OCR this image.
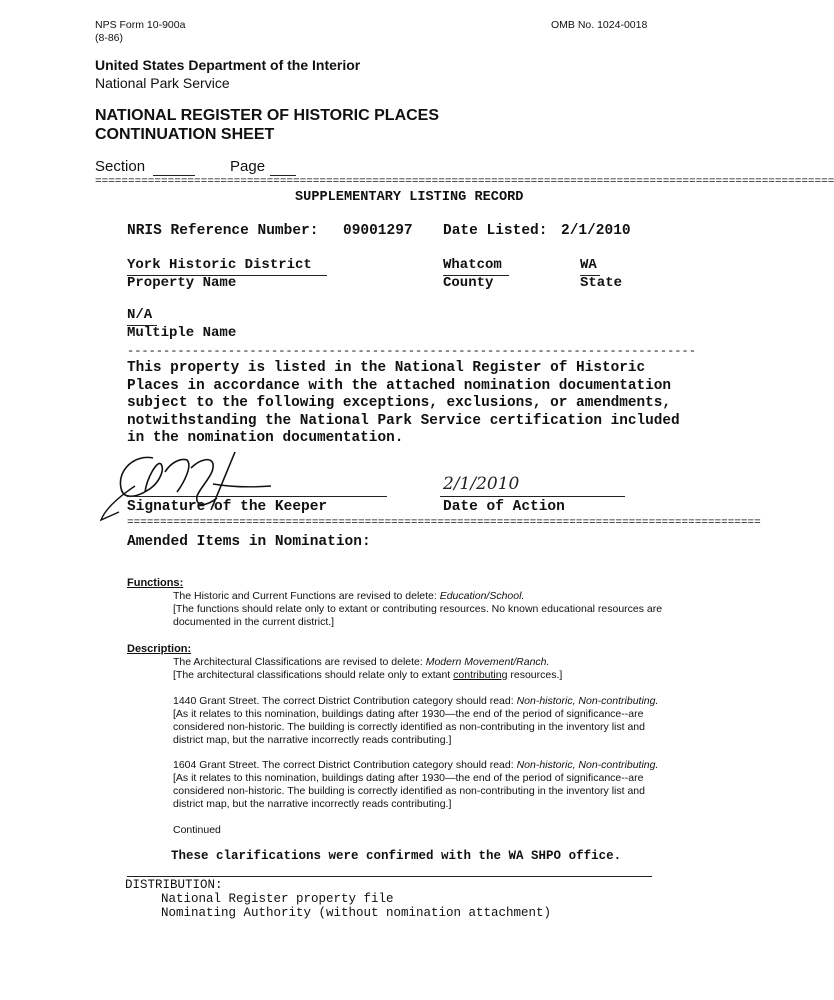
NPS Form 10-900a
(8-86)
OMB No. 1024-0018
United States Department of the Interior
National Park Service
NATIONAL REGISTER OF HISTORIC PLACES
CONTINUATION SHEET
Section	Page
================================================================================================================
SUPPLEMENTARY LISTING RECORD
NRIS Reference Number: 09001297 Date Listed: 2/1/2010
York Historic District
Property Name
Whatcom
County
WA
State
N/A
Multiple Name
-------------------------------------------------------------------------------
This property is listed in the National Register of Historic
Places in accordance with the attached nomination documentation
subject to the following exceptions, exclusions, or amendments,
notwithstanding the National Park Service certification included
in the nomination documentation.
Signature of the Keeper
2/1/2010
Date of Action
================================================================================================
Amended Items in Nomination:
Functions:
The Historic and Current Functions are revised to delete: Education/School.
[The functions should relate only to extant or contributing resources. No known educational resources are
documented in the current district.]
Description:
The Architectural Classifications are revised to delete: Modern Movement/Ranch.
[The architectural classifications should relate only to extant contributing resources.]
1440 Grant Street. The correct District Contribution category should read: Non-historic, Non-contributing.
[As it relates to this nomination, buildings dating after 1930—the end of the period of significance--are
considered non-historic. The building is correctly identified as non-contributing in the inventory list and
district map, but the narrative incorrectly reads contributing.]
1604 Grant Street. The correct District Contribution category should read: Non-historic, Non-contributing.
[As it relates to this nomination, buildings dating after 1930—the end of the period of significance--are
considered non-historic. The building is correctly identified as non-contributing in the inventory list and
district map, but the narrative incorrectly reads contributing.]
Continued
These clarifications were confirmed with the WA SHPO office.
DISTRIBUTION:
National Register property file
Nominating Authority (without nomination attachment)
